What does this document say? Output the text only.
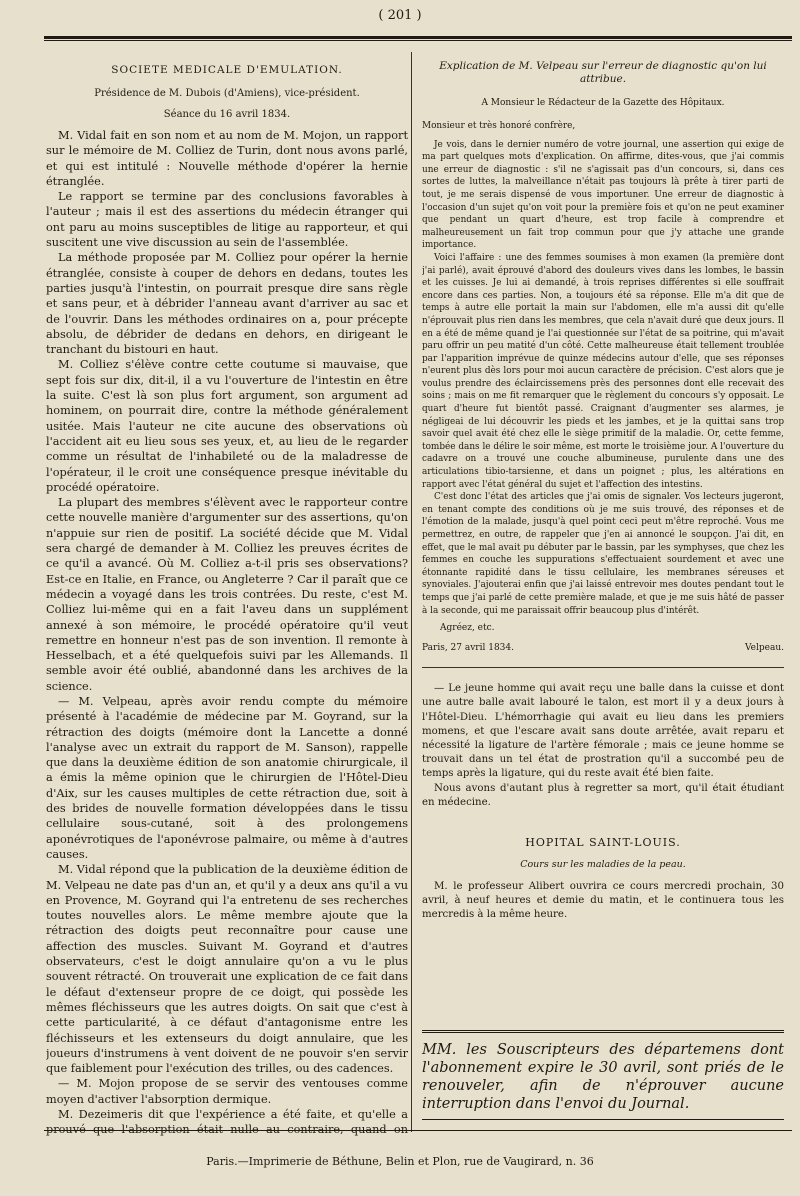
( 201 )
SOCIETE MEDICALE D'EMULATION.
Présidence de M. Dubois (d'Amiens), vice-président.
Séance du 16 avril 1834.

M. Vidal fait en son nom et au nom de M. Mojon, un rapport sur le mémoire de M. Colliez de Turin, dont nous avons parlé, et qui est intitulé : Nouvelle méthode d'opérer la hernie étranglée.

Le rapport se termine par des conclusions favorables à l'auteur ; mais il est des assertions du médecin étranger qui ont paru au moins susceptibles de litige au rapporteur, et qui suscitent une vive discussion au sein de l'assemblée.

La méthode proposée par M. Colliez pour opérer la hernie étranglée, consiste à couper de dehors en dedans, toutes les parties jusqu'à l'intestin, on pourrait presque dire sans règle et sans peur, et à débrider l'anneau avant d'arriver au sac et de l'ouvrir. Dans les méthodes ordinaires on a, pour précepte absolu, de débrider de dedans en dehors, en dirigeant le tranchant du bistouri en haut.

M. Colliez s'élève contre cette coutume si mauvaise, que sept fois sur dix, dit-il, il a vu l'ouverture de l'intestin en être la suite. C'est là son plus fort argument, son argument ad hominem, on pourrait dire, contre la méthode généralement usitée. Mais l'auteur ne cite aucune des observations où l'accident ait eu lieu sous ses yeux, et, au lieu de le regarder comme un résultat de l'inhabileté ou de la maladresse de l'opérateur, il le croit une conséquence presque inévitable du procédé opératoire.

La plupart des membres s'élèvent avec le rapporteur contre cette nouvelle manière d'argumenter sur des assertions, qu'on n'appuie sur rien de positif. La société décide que M. Vidal sera chargé de demander à M. Colliez les preuves écrites de ce qu'il a avancé. Où M. Colliez a-t-il pris ses observations? Est-ce en Italie, en France, ou Angleterre ? Car il paraît que ce médecin a voyagé dans les trois contrées. Du reste, c'est M. Colliez lui-même qui en a fait l'aveu dans un supplément annexé à son mémoire, le procédé opératoire qu'il veut remettre en honneur n'est pas de son invention. Il remonte à Hesselbach, et a été quelquefois suivi par les Allemands. Il semble avoir été oublié, abandonné dans les archives de la science.

— M. Velpeau, après avoir rendu compte du mémoire présenté à l'académie de médecine par M. Goyrand, sur la rétraction des doigts (mémoire dont la Lancette a donné l'analyse avec un extrait du rapport de M. Sanson), rappelle que dans la deuxième édition de son anatomie chirurgicale, il a émis la même opinion que le chirurgien de l'Hôtel-Dieu d'Aix, sur les causes multiples de cette rétraction due, soit à des brides de nouvelle formation développées dans le tissu cellulaire sous-cutané, soit à des prolongemens aponévrotiques de l'aponévrose palmaire, ou même à d'autres causes.

M. Vidal répond que la publication de la deuxième édition de M. Velpeau ne date pas d'un an, et qu'il y a deux ans qu'il a vu en Provence, M. Goyrand qui l'a entretenu de ses recherches toutes nouvelles alors. Le même membre ajoute que la rétraction des doigts peut reconnaître pour cause une affection des muscles. Suivant M. Goyrand et d'autres observateurs, c'est le doigt annulaire qu'on a vu le plus souvent rétracté. On trouverait une explication de ce fait dans le défaut d'extenseur propre de ce doigt, qui possède les mêmes fléchisseurs que les autres doigts. On sait que c'est à cette particularité, à ce défaut d'antagonisme entre les fléchisseurs et les extenseurs du doigt annulaire, que les joueurs d'instrumens à vent doivent de ne pouvoir s'en servir que faiblement pour l'exécution des trilles, ou des cadences.

— M. Mojon propose de se servir des ventouses comme moyen d'activer l'absorption dermique.

M. Dezeimeris dit que l'expérience a été faite, et qu'elle a prouvé que l'absorption était nulle au contraire, quand on

Explication de M. Velpeau sur l'erreur de diagnostic qu'on lui attribue.
A Monsieur le Rédacteur de la Gazette des Hôpitaux.

Monsieur et très honoré confrère,

Je vois, dans le dernier numéro de votre journal, une assertion qui exige de ma part quelques mots d'explication. On affirme, dites-vous, que j'ai commis une erreur de diagnostic : s'il ne s'agissait pas d'un concours, si, dans ces sortes de luttes, la malveillance n'était pas toujours là prête à tirer parti de tout, je me serais dispensé de vous importuner. Une erreur de diagnostic à l'occasion d'un sujet qu'on voit pour la première fois et qu'on ne peut examiner que pendant un quart d'heure, est trop facile à comprendre et malheureusement un fait trop commun pour que j'y attache une grande importance.

Voici l'affaire : une des femmes soumises à mon examen (la première dont j'ai parlé), avait éprouvé d'abord des douleurs vives dans les lombes, le bassin et les cuisses. Je lui ai demandé, à trois reprises différentes si elle souffrait encore dans ces parties. Non, a toujours été sa réponse. Elle m'a dit que de temps à autre elle portait la main sur l'abdomen, elle m'a aussi dit qu'elle n'éprouvait plus rien dans les membres, que cela n'avait duré que deux jours. Il en a été de même quand je l'ai questionnée sur l'état de sa poitrine, qui m'avait paru offrir un peu matité d'un côté. Cette malheureuse était tellement troublée par l'apparition imprévue de quinze médecins autour d'elle, que ses réponses n'eurent plus dès lors pour moi aucun caractère de précision. C'est alors que je voulus prendre des éclaircissemens près des personnes dont elle recevait des soins ; mais on me fit remarquer que le règlement du concours s'y opposait. Le quart d'heure fut bientôt passé. Craignant d'augmenter ses alarmes, je négligeai de lui découvrir les pieds et les jambes, et je la quittai sans trop savoir quel avait été chez elle le siège primitif de la maladie. Or, cette femme, tombée dans le délire le soir même, est morte le troisième jour. A l'ouverture du cadavre on a trouvé une couche albumineuse, purulente dans une des articulations tibio-tarsienne, et dans un poignet ; plus, les altérations en rapport avec l'état général du sujet et l'affection des intestins.

C'est donc l'état des articles que j'ai omis de signaler. Vos lecteurs jugeront, en tenant compte des conditions où je me suis trouvé, des réponses et de l'émotion de la malade, jusqu'à quel point ceci peut m'être reproché. Vous me permettrez, en outre, de rappeler que j'en ai annoncé le soupçon. J'ai dit, en effet, que le mal avait pu débuter par le bassin, par les symphyses, que chez les femmes en couche les suppurations s'effectuaient sourdement et avec une étonnante rapidité dans le tissu cellulaire, les membranes séreuses et synoviales. J'ajouterai enfin que j'ai laissé entrevoir mes doutes pendant tout le temps que j'ai parlé de cette première malade, et que je me suis hâté de passer à la seconde, qui me paraissait offrir beaucoup plus d'intérêt.

Agréez, etc.
Paris, 27 avril 1834.	Velpeau.

— Le jeune homme qui avait reçu une balle dans la cuisse et dont une autre balle avait labouré le talon, est mort il y a deux jours à l'Hôtel-Dieu. L'hémorrhagie qui avait eu lieu dans les premiers momens, et que l'escare avait sans doute arrêtée, avait reparu et nécessité la ligature de l'artère fémorale ; mais ce jeune homme se trouvait dans un tel état de prostration qu'il a succombé peu de temps après la ligature, qui du reste avait été bien faite.

Nous avons d'autant plus à regretter sa mort, qu'il était étudiant en médecine.

HOPITAL SAINT-LOUIS.
Cours sur les maladies de la peau.

M. le professeur Alibert ouvrira ce cours mercredi prochain, 30 avril, à neuf heures et demie du matin, et le continuera tous les mercredis à la même heure.

MM. les Souscripteurs des départemens dont l'abonnement expire le 30 avril, sont priés de le renouveler, afin de n'éprouver aucune interruption dans l'envoi du Journal.
Paris.—Imprimerie de Béthune, Belin et Plon, rue de Vaugirard, n. 36
